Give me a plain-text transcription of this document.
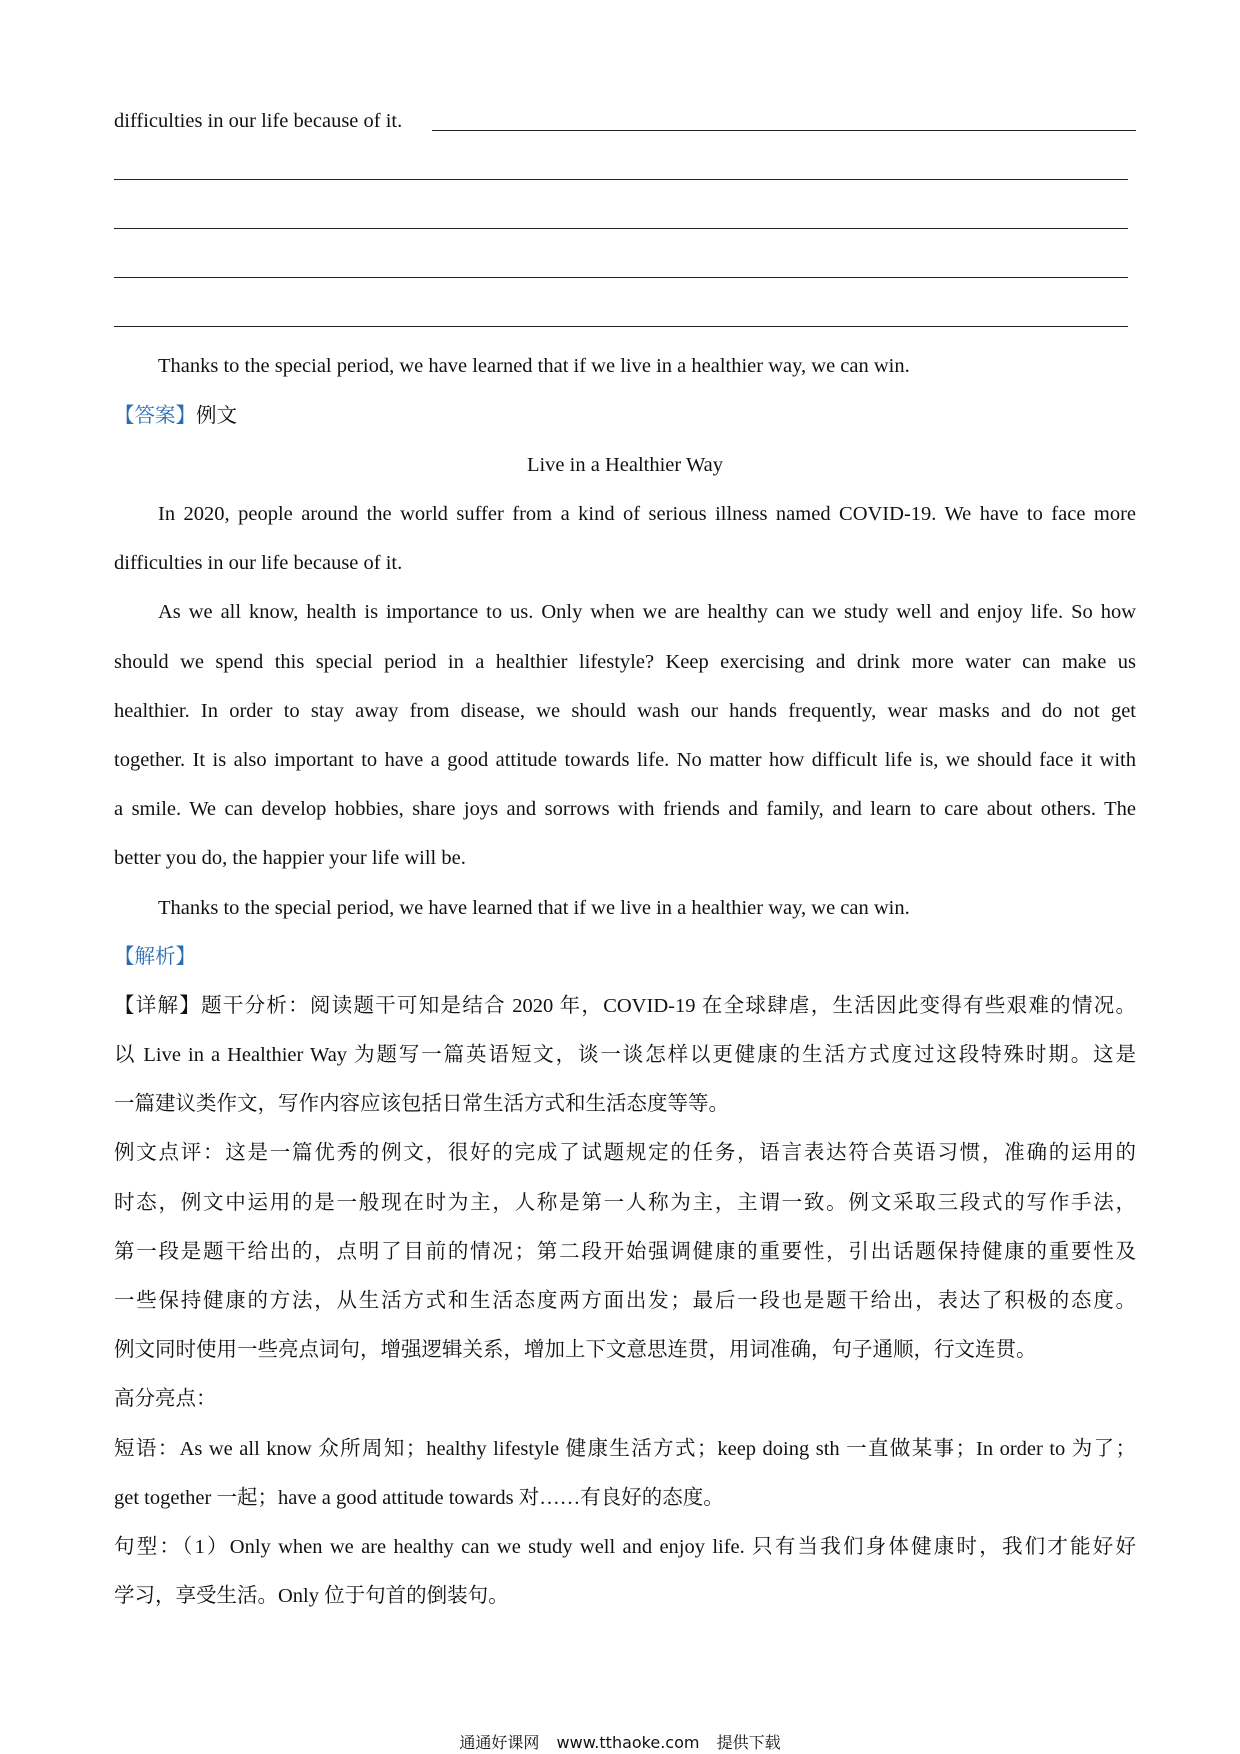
difficulties in our life because of it.
Thanks to the special period, we have learned that if we live in a healthier way, we can win.
【答案】例文
Live in a Healthier Way
In 2020, people around the world suffer from a kind of serious illness named COVID-19. We have to face more
difficulties in our life because of it.
As we all know, health is importance to us. Only when we are healthy can we study well and enjoy life. So how
should we spend this special period in a healthier lifestyle? Keep exercising and drink more water can make us
healthier. In order to stay away from disease, we should wash our hands frequently, wear masks and do not get
together. It is also important to have a good attitude towards life. No matter how difficult life is, we should face it with
a smile. We can develop hobbies, share joys and sorrows with friends and family, and learn to care about others. The
better you do, the happier your life will be.
Thanks to the special period, we have learned that if we live in a healthier way, we can win.
【解析】
【详解】题干分析：阅读题干可知是结合 2020 年，COVID-19 在全球肆虐，生活因此变得有些艰难的情况。
以 Live in a Healthier Way 为题写一篇英语短文，谈一谈怎样以更健康的生活方式度过这段特殊时期。这是
一篇建议类作文，写作内容应该包括日常生活方式和生活态度等等。
例文点评：这是一篇优秀的例文，很好的完成了试题规定的任务，语言表达符合英语习惯，准确的运用的
时态，例文中运用的是一般现在时为主，人称是第一人称为主，主谓一致。例文采取三段式的写作手法，
第一段是题干给出的，点明了目前的情况；第二段开始强调健康的重要性，引出话题保持健康的重要性及
一些保持健康的方法，从生活方式和生活态度两方面出发；最后一段也是题干给出，表达了积极的态度。
例文同时使用一些亮点词句，增强逻辑关系，增加上下文意思连贯，用词准确，句子通顺，行文连贯。
高分亮点：
短语：As we all know 众所周知；healthy lifestyle 健康生活方式；keep doing sth 一直做某事；In order to 为了；
get together 一起；have a good attitude towards 对……有良好的态度。
句型：（1）Only when we are healthy can we study well and enjoy life. 只有当我们身体健康时，我们才能好好
学习，享受生活。Only 位于句首的倒装句。
通通好课网 www.tthaoke.com 提供下载
